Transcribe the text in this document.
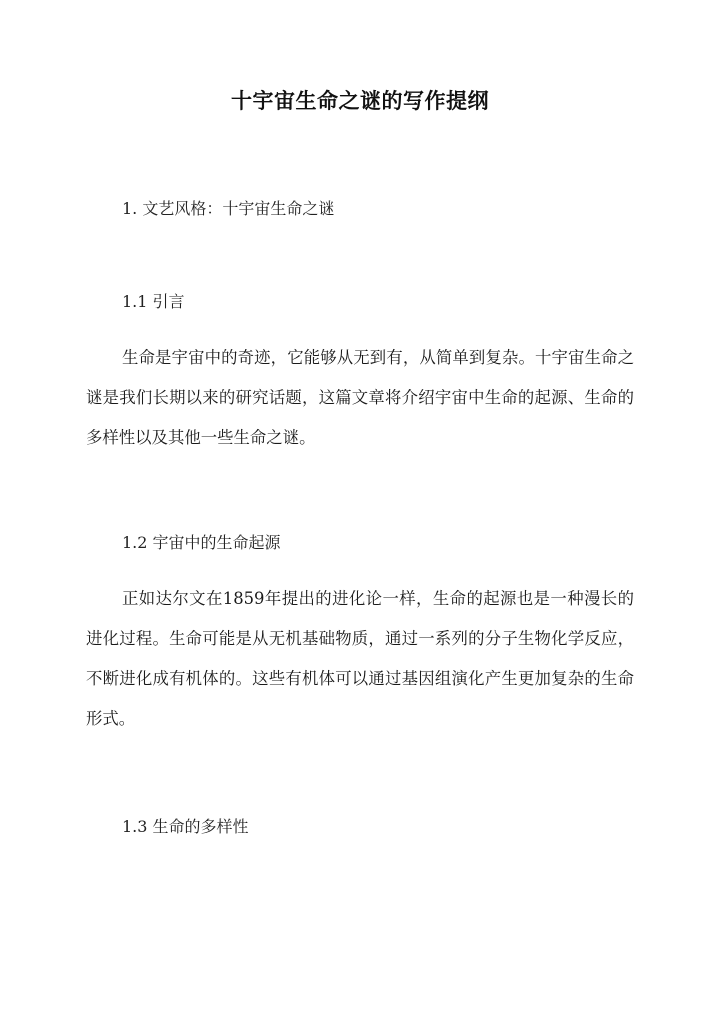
十宇宙生命之谜的写作提纲
1. 文艺风格：十宇宙生命之谜
1.1 引言
生命是宇宙中的奇迹，它能够从无到有，从简单到复杂。十宇宙生命之谜是我们长期以来的研究话题，这篇文章将介绍宇宙中生命的起源、生命的多样性以及其他一些生命之谜。
1.2 宇宙中的生命起源
正如达尔文在1859年提出的进化论一样，生命的起源也是一种漫长的进化过程。生命可能是从无机基础物质，通过一系列的分子生物化学反应，不断进化成有机体的。这些有机体可以通过基因组演化产生更加复杂的生命形式。
1.3 生命的多样性
